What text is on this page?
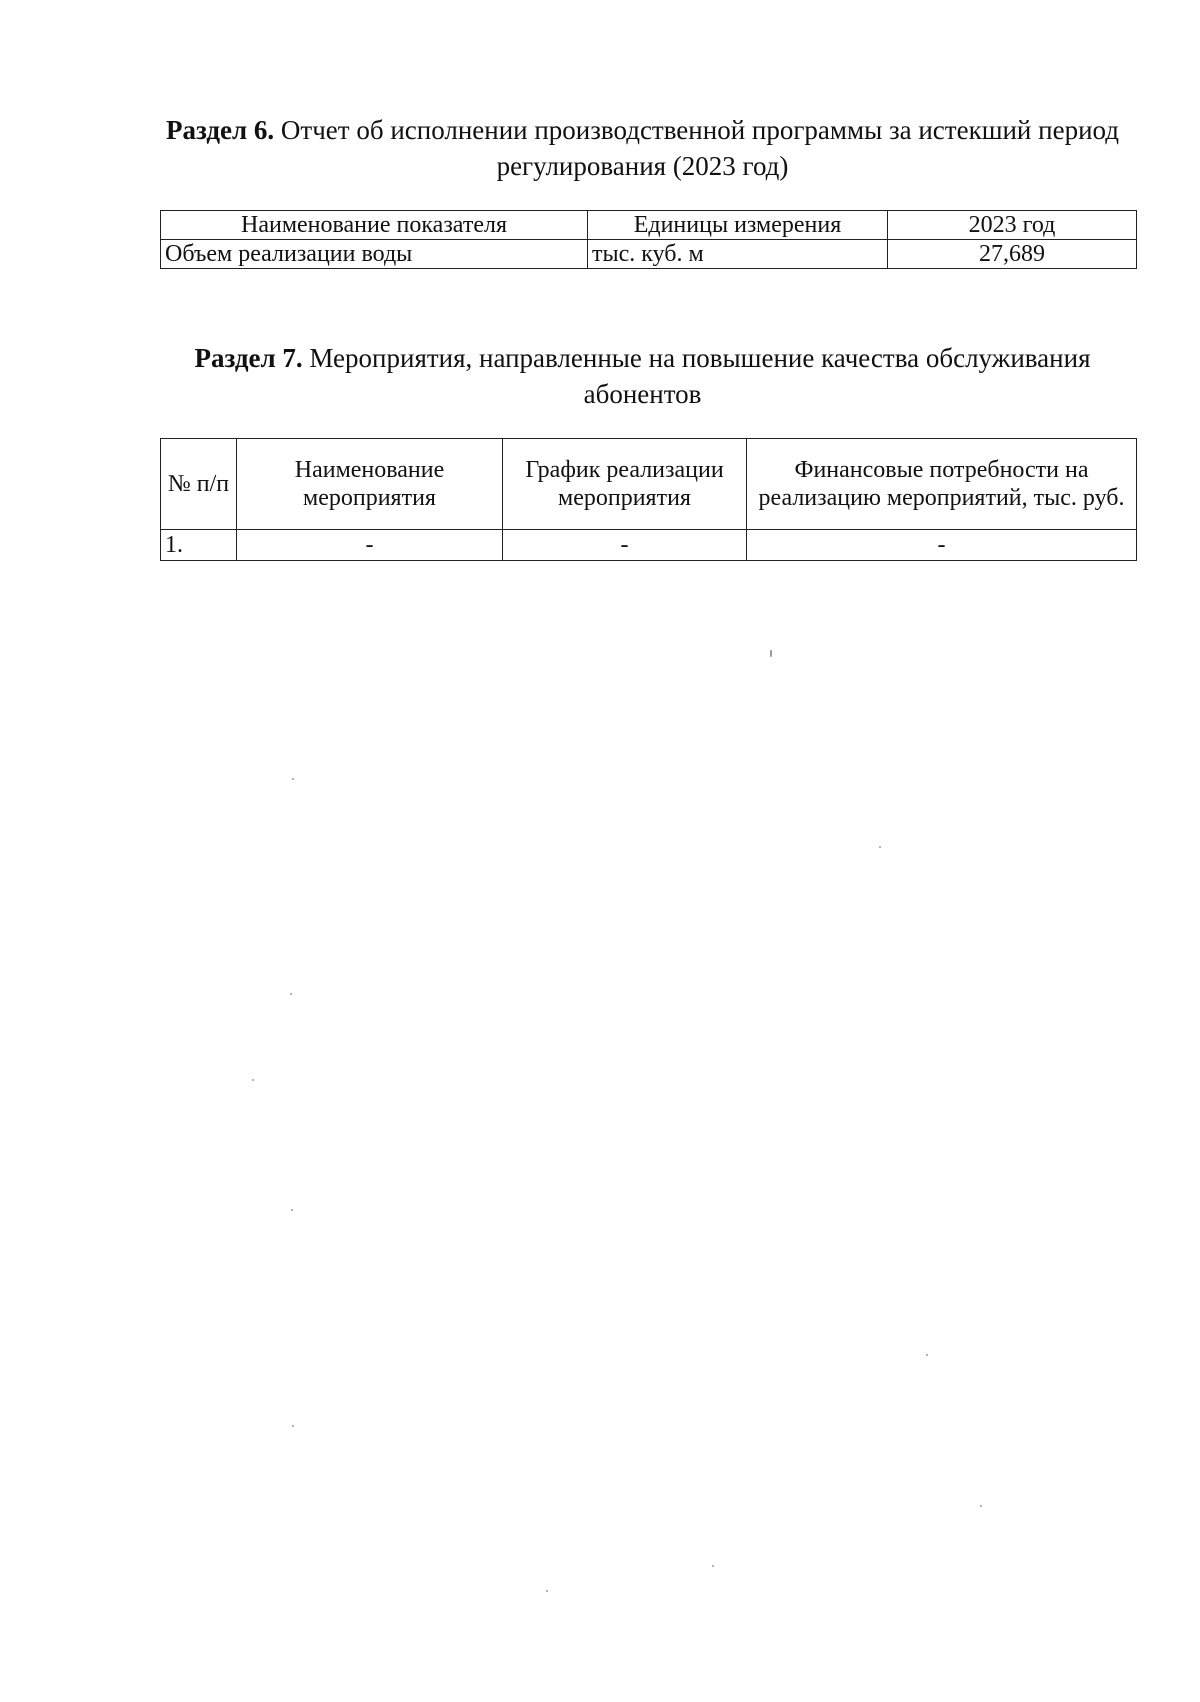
Раздел 6. Отчет об исполнении производственной программы за истекший период регулирования (2023 год)
Наименование показателя	Единицы измерения	2023 год
Объем реализации воды	тыс. куб. м	27,689
Раздел 7. Мероприятия, направленные на повышение качества обслуживания абонентов
№ п/п	Наименование мероприятия	График реализации мероприятия	Финансовые потребности на реализацию мероприятий, тыс. руб.
1.	-	-	-
